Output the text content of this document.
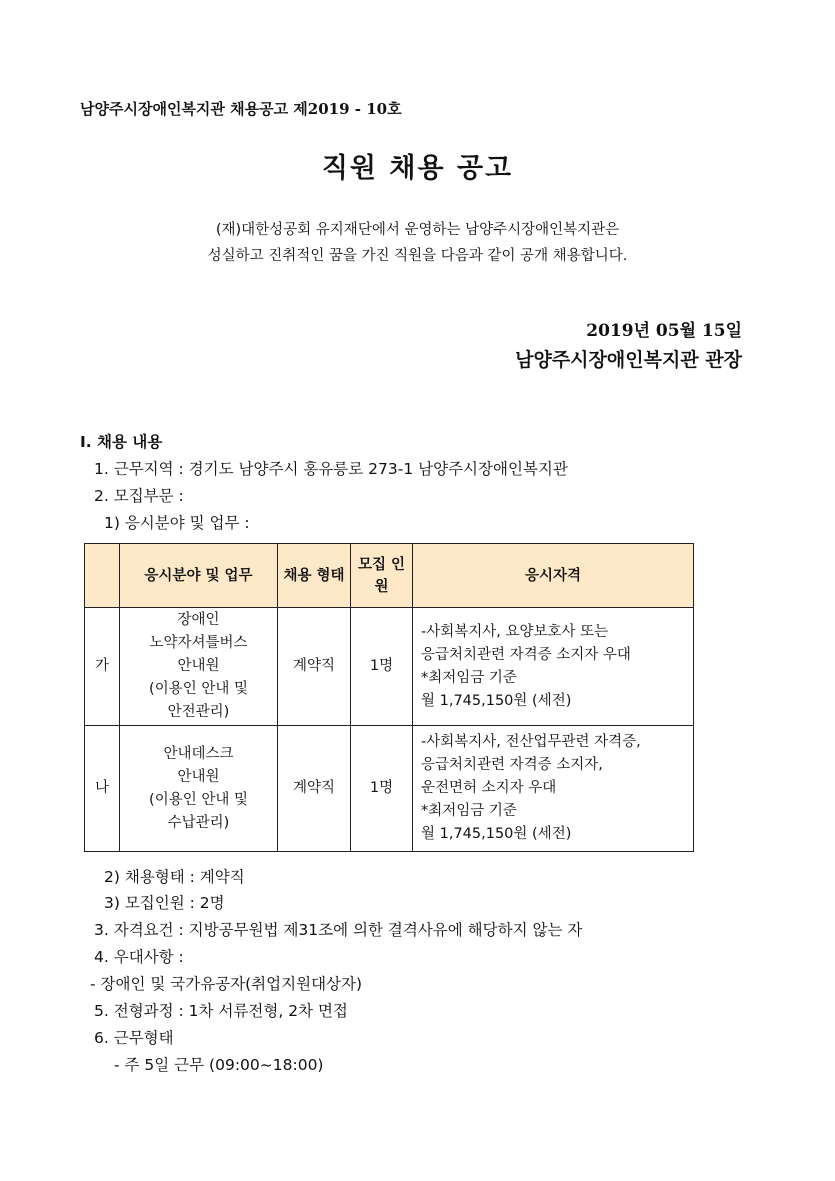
남양주시장애인복지관 채용공고 제2019 - 10호
직원 채용 공고
(재)대한성공회 유지재단에서 운영하는 남양주시장애인복지관은
성실하고 진취적인 꿈을 가진 직원을 다음과 같이 공개 채용합니다.
2019년 05월 15일
남양주시장애인복지관 관장
Ⅰ. 채용 내용
1. 근무지역 : 경기도 남양주시 홍유릉로 273-1 남양주시장애인복지관
2. 모집부문 :
1) 응시분야 및 업무 :
	응시분야 및 업무	채용 형태	모집 인원	응시자격
가	장애인
노약자셔틀버스
안내원
(이용인 안내 및
안전관리)	계약직	1명	-사회복지사, 요양보호사 또는
응급처치관련 자격증 소지자 우대
*최저임금 기준
월 1,745,150원 (세전)

나	안내데스크
안내원
(이용인 안내 및
수납관리)	계약직	1명	-사회복지사, 전산업무관련 자격증,
응급처치관련 자격증 소지자,
운전면허 소지자 우대
*최저임금 기준
월 1,745,150원 (세전)
2) 채용형태 : 계약직
3) 모집인원 : 2명
3. 자격요건 : 지방공무원법 제31조에 의한 결격사유에 해당하지 않는 자
4. 우대사항 :
- 장애인 및 국가유공자(취업지원대상자)
5. 전형과정 : 1차 서류전형, 2차 면접
6. 근무형태
- 주 5일 근무 (09:00~18:00)
